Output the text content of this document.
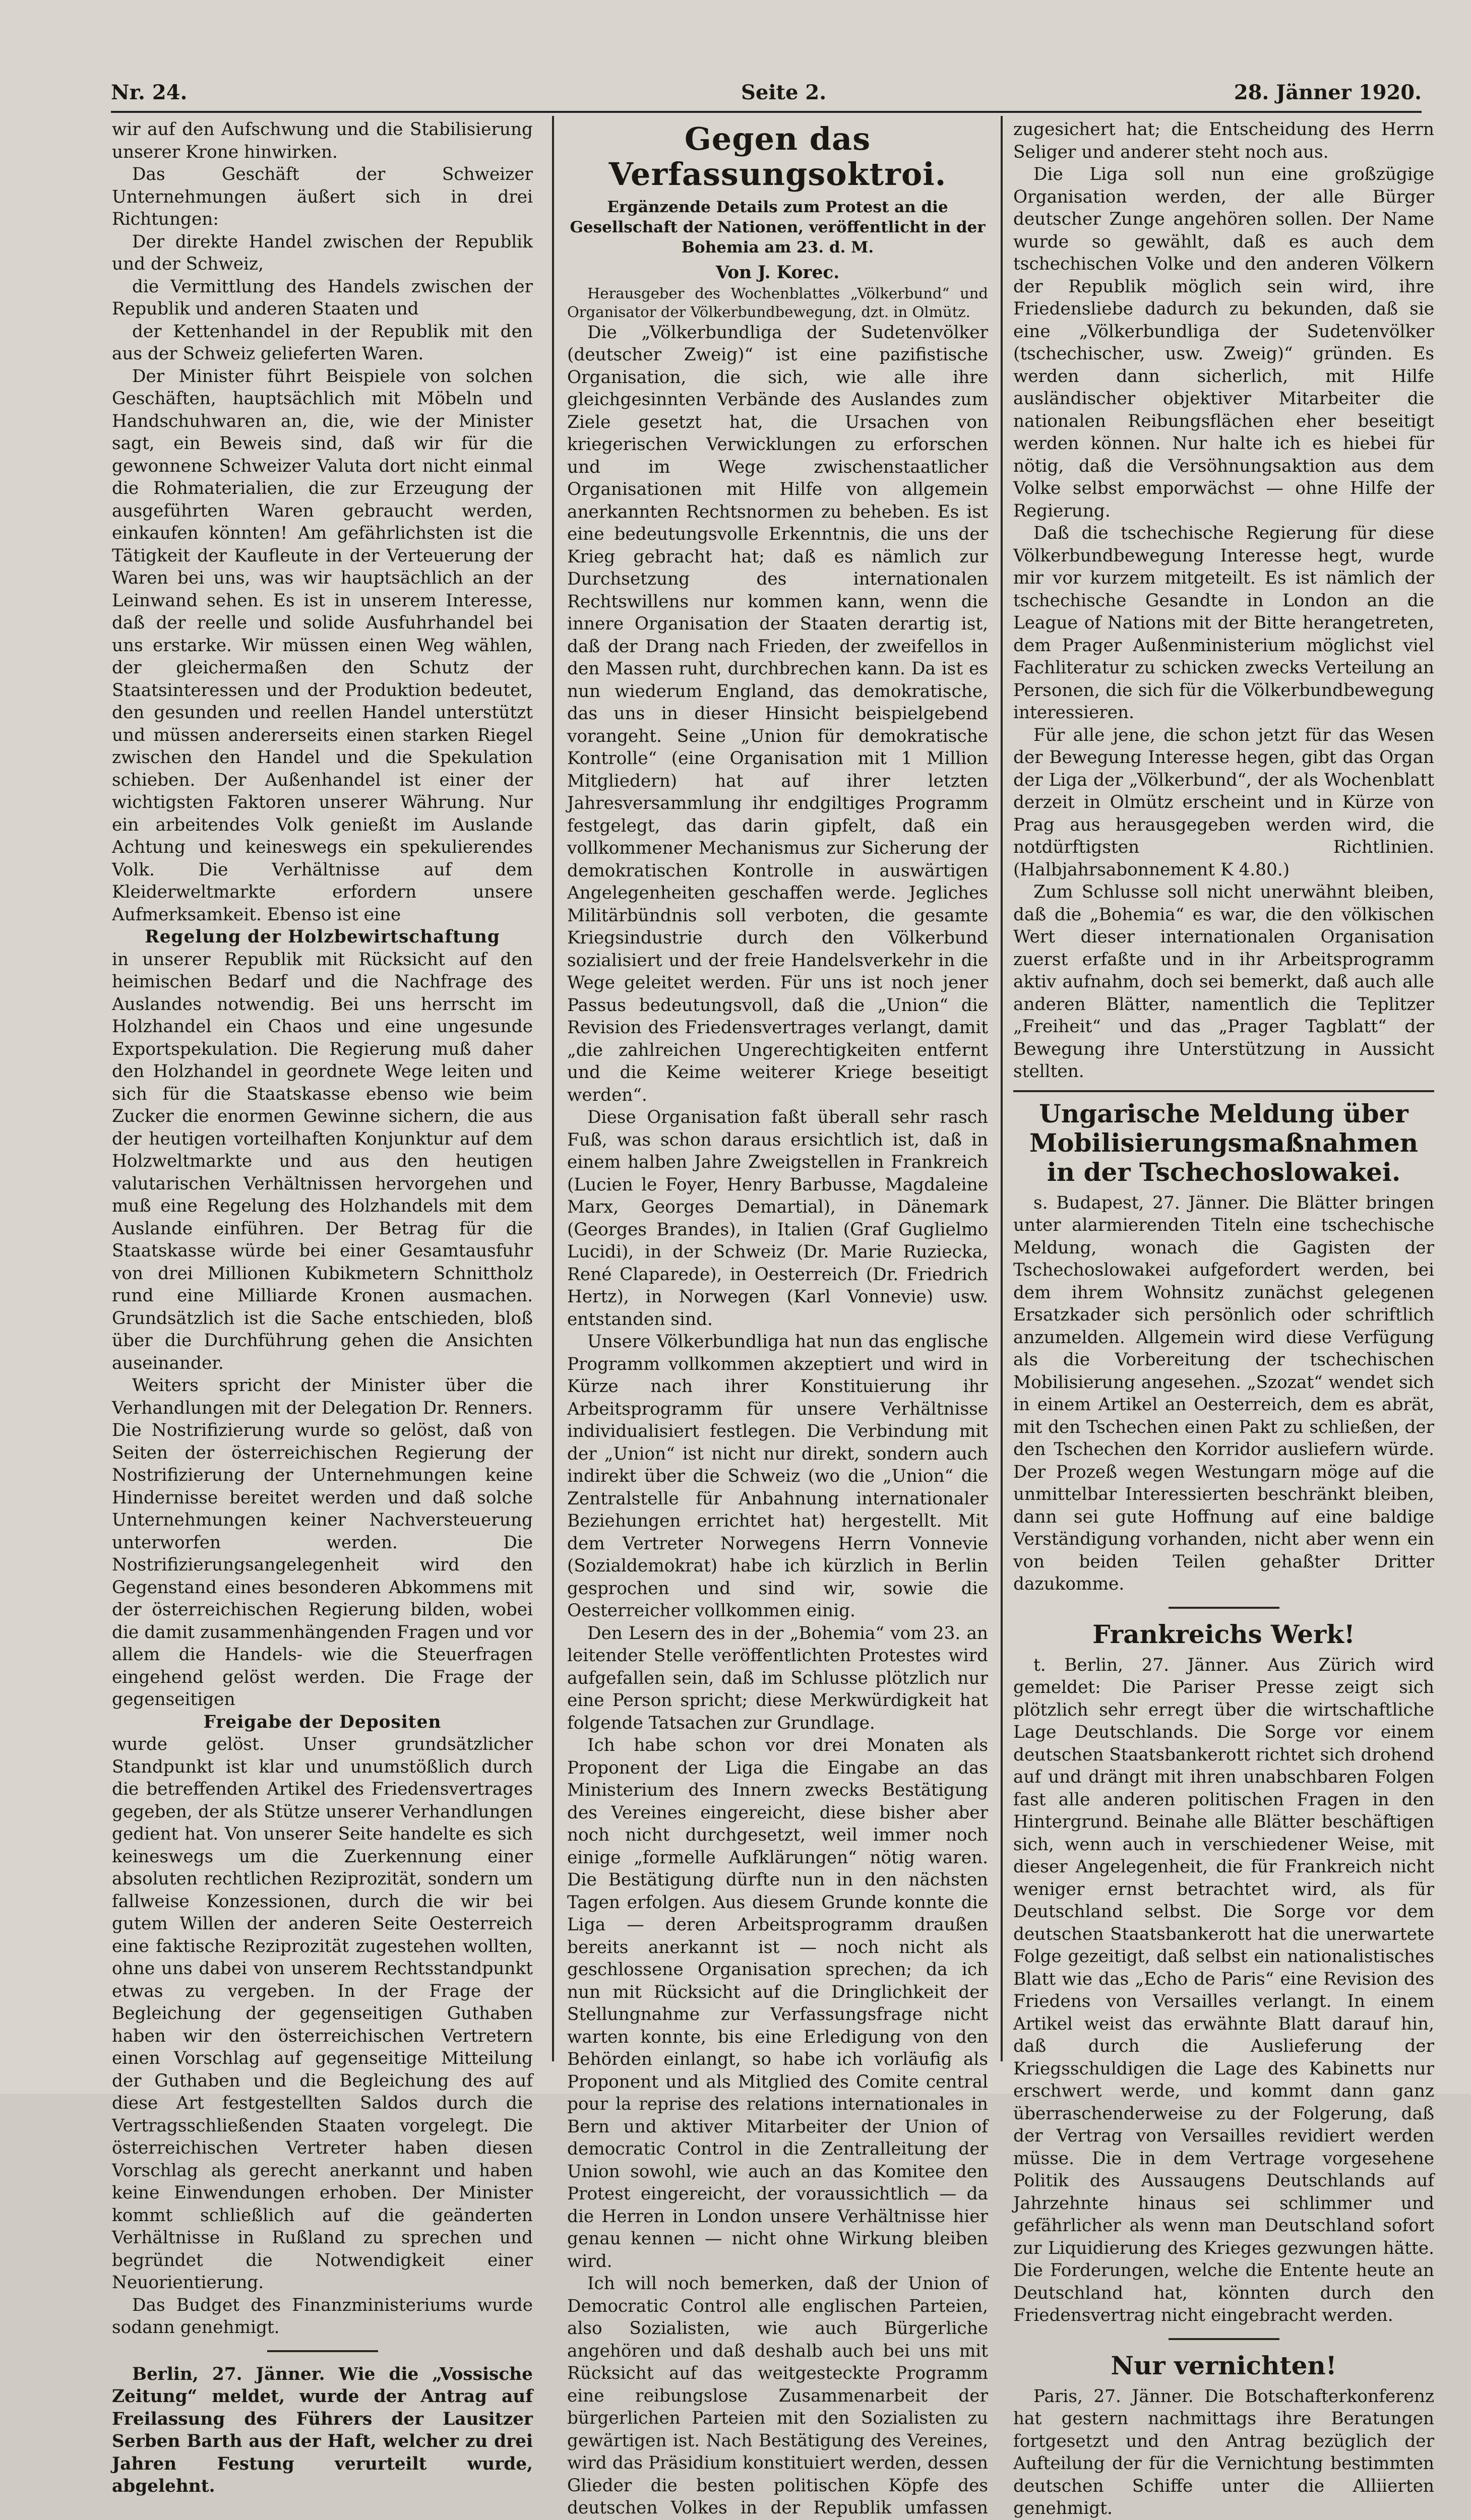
Nr. 24.	Seite 2.	28. Jänner 1920.

wir auf den Aufschwung und die Stabilisierung unserer Krone hinwirken.

Das Geschäft der Schweizer Unternehmungen äußert sich in drei Richtungen:

Der direkte Handel zwischen der Republik und der Schweiz,

die Vermittlung des Handels zwischen der Republik und anderen Staaten und

der Kettenhandel in der Republik mit den aus der Schweiz gelieferten Waren.

Der Minister führt Beispiele von solchen Geschäften, hauptsächlich mit Möbeln und Handschuhwaren an, die, wie der Minister sagt, ein Beweis sind, daß wir für die gewonnene Schweizer Valuta dort nicht einmal die Rohmaterialien, die zur Erzeugung der ausgeführten Waren gebraucht werden, einkaufen könnten! Am gefährlichsten ist die Tätigkeit der Kaufleute in der Verteuerung der Waren bei uns, was wir hauptsächlich an der Leinwand sehen. Es ist in unserem Interesse, daß der reelle und solide Ausfuhrhandel bei uns erstarke. Wir müssen einen Weg wählen, der gleichermaßen den Schutz der Staatsinteressen und der Produktion bedeutet, den gesunden und reellen Handel unterstützt und müssen andererseits einen starken Riegel zwischen den Handel und die Spekulation schieben. Der Außenhandel ist einer der wichtigsten Faktoren unserer Währung. Nur ein arbeitendes Volk genießt im Auslande Achtung und keineswegs ein spekulierendes Volk. Die Verhältnisse auf dem Kleiderweltmarkte erfordern unsere Aufmerksamkeit. Ebenso ist eine

Regelung der Holzbewirtschaftung

in unserer Republik mit Rücksicht auf den heimischen Bedarf und die Nachfrage des Auslandes notwendig. Bei uns herrscht im Holzhandel ein Chaos und eine ungesunde Exportspekulation. Die Regierung muß daher den Holzhandel in geordnete Wege leiten und sich für die Staatskasse ebenso wie beim Zucker die enormen Gewinne sichern, die aus der heutigen vorteilhaften Konjunktur auf dem Holzweltmarkte und aus den heutigen valutarischen Verhältnissen hervorgehen und muß eine Regelung des Holzhandels mit dem Auslande einführen. Der Betrag für die Staatskasse würde bei einer Gesamtausfuhr von drei Millionen Kubikmetern Schnittholz rund eine Milliarde Kronen ausmachen. Grundsätzlich ist die Sache entschieden, bloß über die Durchführung gehen die Ansichten auseinander.

Weiters spricht der Minister über die Verhandlungen mit der Delegation Dr. Renners. Die Nostrifizierung wurde so gelöst, daß von Seiten der österreichischen Regierung der Nostrifizierung der Unternehmungen keine Hindernisse bereitet werden und daß solche Unternehmungen keiner Nachversteuerung unterworfen werden. Die Nostrifizierungsangelegenheit wird den Gegenstand eines besonderen Abkommens mit der österreichischen Regierung bilden, wobei die damit zusammenhängenden Fragen und vor allem die Handels- wie die Steuerfragen eingehend gelöst werden. Die Frage der gegenseitigen

Freigabe der Depositen

wurde gelöst. Unser grundsätzlicher Standpunkt ist klar und unumstößlich durch die betreffenden Artikel des Friedensvertrages gegeben, der als Stütze unserer Verhandlungen gedient hat. Von unserer Seite handelte es sich keineswegs um die Zuerkennung einer absoluten rechtlichen Reziprozität, sondern um fallweise Konzessionen, durch die wir bei gutem Willen der anderen Seite Oesterreich eine faktische Reziprozität zugestehen wollten, ohne uns dabei von unserem Rechtsstandpunkt etwas zu vergeben. In der Frage der Begleichung der gegenseitigen Guthaben haben wir den österreichischen Vertretern einen Vorschlag auf gegenseitige Mitteilung der Guthaben und die Begleichung des auf diese Art festgestellten Saldos durch die Vertragsschließenden Staaten vorgelegt. Die österreichischen Vertreter haben diesen Vorschlag als gerecht anerkannt und haben keine Einwendungen erhoben. Der Minister kommt schließlich auf die geänderten Verhältnisse in Rußland zu sprechen und begründet die Notwendigkeit einer Neuorientierung.

Das Budget des Finanzministeriums wurde sodann genehmigt.

Berlin, 27. Jänner. Wie die „Vossische Zeitung“ meldet, wurde der Antrag auf Freilassung des Führers der Lausitzer Serben Barth aus der Haft, welcher zu drei Jahren Festung verurteilt wurde, abgelehnt.

Gegen das Verfassungsoktroi.
Ergänzende Details zum Protest an die Gesellschaft der Nationen, veröffentlicht in der Bohemia am 23. d. M.

Von J. Korec.

Herausgeber des Wochenblattes „Völkerbund“ und Organisator der Völkerbundbewegung, dzt. in Olmütz.

Die „Völkerbundliga der Sudetenvölker (deutscher Zweig)“ ist eine pazifistische Organisation, die sich, wie alle ihre gleichgesinnten Verbände des Auslandes zum Ziele gesetzt hat, die Ursachen von kriegerischen Verwicklungen zu erforschen und im Wege zwischenstaatlicher Organisationen mit Hilfe von allgemein anerkannten Rechtsnormen zu beheben. Es ist eine bedeutungsvolle Erkenntnis, die uns der Krieg gebracht hat; daß es nämlich zur Durchsetzung des internationalen Rechtswillens nur kommen kann, wenn die innere Organisation der Staaten derartig ist, daß der Drang nach Frieden, der zweifellos in den Massen ruht, durchbrechen kann. Da ist es nun wiederum England, das demokratische, das uns in dieser Hinsicht beispielgebend vorangeht. Seine „Union für demokratische Kontrolle“ (eine Organisation mit 1 Million Mitgliedern) hat auf ihrer letzten Jahresversammlung ihr endgiltiges Programm festgelegt, das darin gipfelt, daß ein vollkommener Mechanismus zur Sicherung der demokratischen Kontrolle in auswärtigen Angelegenheiten geschaffen werde. Jegliches Militärbündnis soll verboten, die gesamte Kriegsindustrie durch den Völkerbund sozialisiert und der freie Handelsverkehr in die Wege geleitet werden. Für uns ist noch jener Passus bedeutungsvoll, daß die „Union“ die Revision des Friedensvertrages verlangt, damit „die zahlreichen Ungerechtigkeiten entfernt und die Keime weiterer Kriege beseitigt werden“.

Diese Organisation faßt überall sehr rasch Fuß, was schon daraus ersichtlich ist, daß in einem halben Jahre Zweigstellen in Frankreich (Lucien le Foyer, Henry Barbusse, Magdaleine Marx, Georges Demartial), in Dänemark (Georges Brandes), in Italien (Graf Guglielmo Lucidi), in der Schweiz (Dr. Marie Ruziecka, René Claparede), in Oesterreich (Dr. Friedrich Hertz), in Norwegen (Karl Vonnevie) usw. entstanden sind.

Unsere Völkerbundliga hat nun das englische Programm vollkommen akzeptiert und wird in Kürze nach ihrer Konstituierung ihr Arbeitsprogramm für unsere Verhältnisse individualisiert festlegen. Die Verbindung mit der „Union“ ist nicht nur direkt, sondern auch indirekt über die Schweiz (wo die „Union“ die Zentralstelle für Anbahnung internationaler Beziehungen errichtet hat) hergestellt. Mit dem Vertreter Norwegens Herrn Vonnevie (Sozialdemokrat) habe ich kürzlich in Berlin gesprochen und sind wir, sowie die Oesterreicher vollkommen einig.

Den Lesern des in der „Bohemia“ vom 23. an leitender Stelle veröffentlichten Protestes wird aufgefallen sein, daß im Schlusse plötzlich nur eine Person spricht; diese Merkwürdigkeit hat folgende Tatsachen zur Grundlage.

Ich habe schon vor drei Monaten als Proponent der Liga die Eingabe an das Ministerium des Innern zwecks Bestätigung des Vereines eingereicht, diese bisher aber noch nicht durchgesetzt, weil immer noch einige „formelle Aufklärungen“ nötig waren. Die Bestätigung dürfte nun in den nächsten Tagen erfolgen. Aus diesem Grunde konnte die Liga — deren Arbeitsprogramm draußen bereits anerkannt ist — noch nicht als geschlossene Organisation sprechen; da ich nun mit Rücksicht auf die Dringlichkeit der Stellungnahme zur Verfassungsfrage nicht warten konnte, bis eine Erledigung von den Behörden einlangt, so habe ich vorläufig als Proponent und als Mitglied des Comite central pour la reprise des relations internationales in Bern und aktiver Mitarbeiter der Union of democratic Control in die Zentralleitung der Union sowohl, wie auch an das Komitee den Protest eingereicht, der voraussichtlich — da die Herren in London unsere Verhältnisse hier genau kennen — nicht ohne Wirkung bleiben wird.

Ich will noch bemerken, daß der Union of Democratic Control alle englischen Parteien, also Sozialisten, wie auch Bürgerliche angehören und daß deshalb auch bei uns mit Rücksicht auf das weitgesteckte Programm eine reibungslose Zusammenarbeit der bürgerlichen Parteien mit den Sozialisten zu gewärtigen ist. Nach Bestätigung des Vereines, wird das Präsidium konstituiert werden, dessen Glieder die besten politischen Köpfe des deutschen Volkes in der Republik umfassen

zugesichert hat; die Entscheidung des Herrn Seliger und anderer steht noch aus.

Die Liga soll nun eine großzügige Organisation werden, der alle Bürger deutscher Zunge angehören sollen. Der Name wurde so gewählt, daß es auch dem tschechischen Volke und den anderen Völkern der Republik möglich sein wird, ihre Friedensliebe dadurch zu bekunden, daß sie eine „Völkerbundliga der Sudetenvölker (tschechischer, usw. Zweig)“ gründen. Es werden dann sicherlich, mit Hilfe ausländischer objektiver Mitarbeiter die nationalen Reibungsflächen eher beseitigt werden können. Nur halte ich es hiebei für nötig, daß die Versöhnungsaktion aus dem Volke selbst emporwächst — ohne Hilfe der Regierung.

Daß die tschechische Regierung für diese Völkerbundbewegung Interesse hegt, wurde mir vor kurzem mitgeteilt. Es ist nämlich der tschechische Gesandte in London an die League of Nations mit der Bitte herangetreten, dem Prager Außenministerium möglichst viel Fachliteratur zu schicken zwecks Verteilung an Personen, die sich für die Völkerbundbewegung interessieren.

Für alle jene, die schon jetzt für das Wesen der Bewegung Interesse hegen, gibt das Organ der Liga der „Völkerbund“, der als Wochenblatt derzeit in Olmütz erscheint und in Kürze von Prag aus herausgegeben werden wird, die notdürftigsten Richtlinien. (Halbjahrsabonnement K 4.80.)

Zum Schlusse soll nicht unerwähnt bleiben, daß die „Bohemia“ es war, die den völkischen Wert dieser internationalen Organisation zuerst erfaßte und in ihr Arbeitsprogramm aktiv aufnahm, doch sei bemerkt, daß auch alle anderen Blätter, namentlich die Teplitzer „Freiheit“ und das „Prager Tagblatt“ der Bewegung ihre Unterstützung in Aussicht stellten.

Ungarische Meldung über Mobilisierungsmaßnahmen in der Tschechoslowakei.

s. Budapest, 27. Jänner. Die Blätter bringen unter alarmierenden Titeln eine tschechische Meldung, wonach die Gagisten der Tschechoslowakei aufgefordert werden, bei dem ihrem Wohnsitz zunächst gelegenen Ersatzkader sich persönlich oder schriftlich anzumelden. Allgemein wird diese Verfügung als die Vorbereitung der tschechischen Mobilisierung angesehen. „Szozat“ wendet sich in einem Artikel an Oesterreich, dem es abrät, mit den Tschechen einen Pakt zu schließen, der den Tschechen den Korridor ausliefern würde. Der Prozeß wegen Westungarn möge auf die unmittelbar Interessierten beschränkt bleiben, dann sei gute Hoffnung auf eine baldige Verständigung vorhanden, nicht aber wenn ein von beiden Teilen gehaßter Dritter dazukomme.

Frankreichs Werk!

t. Berlin, 27. Jänner. Aus Zürich wird gemeldet: Die Pariser Presse zeigt sich plötzlich sehr erregt über die wirtschaftliche Lage Deutschlands. Die Sorge vor einem deutschen Staatsbankerott richtet sich drohend auf und drängt mit ihren unabschbaren Folgen fast alle anderen politischen Fragen in den Hintergrund. Beinahe alle Blätter beschäftigen sich, wenn auch in verschiedener Weise, mit dieser Angelegenheit, die für Frankreich nicht weniger ernst betrachtet wird, als für Deutschland selbst. Die Sorge vor dem deutschen Staatsbankerott hat die unerwartete Folge gezeitigt, daß selbst ein nationalistisches Blatt wie das „Echo de Paris“ eine Revision des Friedens von Versailles verlangt. In einem Artikel weist das erwähnte Blatt darauf hin, daß durch die Auslieferung der Kriegsschuldigen die Lage des Kabinetts nur erschwert werde, und kommt dann ganz überraschenderweise zu der Folgerung, daß der Vertrag von Versailles revidiert werden müsse. Die in dem Vertrage vorgesehene Politik des Aussaugens Deutschlands auf Jahrzehnte hinaus sei schlimmer und gefährlicher als wenn man Deutschland sofort zur Liquidierung des Krieges gezwungen hätte. Die Forderungen, welche die Entente heute an Deutschland hat, könnten durch den Friedensvertrag nicht eingebracht werden.

Nur vernichten!

Paris, 27. Jänner. Die Botschafterkonferenz hat gestern nachmittags ihre Beratungen fortgesetzt und den Antrag bezüglich der Aufteilung der für die Vernichtung bestimmten deutschen Schiffe unter die Alliierten genehmigt.
